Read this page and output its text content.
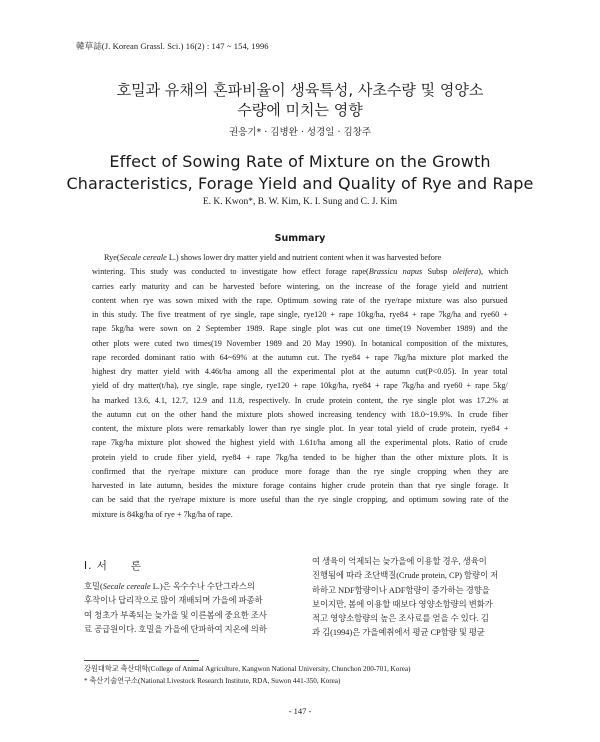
韓草誌(J. Korean Grassl. Sci.) 16(2) : 147 ~ 154, 1996
호밀과 유채의 혼파비율이 생육특성, 사초수량 및 영양소
수량에 미치는 영향
권응기* · 김병완 · 성경일 · 김창주
Effect of Sowing Rate of Mixture on the Growth
Characteristics, Forage Yield and Quality of Rye and Rape
E. K. Kwon*, B. W. Kim, K. I. Sung and C. J. Kim
Summary
Rye(Secale cereale L.) shows lower dry matter yield and nutrient content when it was harvested before
wintering. This study was conducted to investigate how effect forage rape(Brassicu napus Subsp oleifera), which
carries early maturity and can be harvested before wintering, on the increase of the forage yield and nutrient
content when rye was sown mixed with the rape. Optimum sowing rate of the rye/rape mixture was also pursued
in this study. The five treatment of rye single, rape single, rye120 + rape 10kg/ha, rye84 + rape 7kg/ha and rye60 +
rape 5kg/ha were sown on 2 September 1989. Rape single plot was cut one time(19 November 1989) and the
other plots were cuted two times(19 November 1989 and 20 May 1990). In botanical composition of the mixtures,
rape recorded dominant ratio with 64~69% at the autumn cut. The rye84 + rape 7kg/ha mixture plot marked the
highest dry matter yield with 4.46t/ha among all the experimental plot at the autumn cut(P<0.05). In year total
yield of dry matter(t/ha), rye single, rape single, rye120 + rape 10kg/ha, rye84 + rape 7kg/ha and rye60 + rape 5kg/
ha marked 13.6, 4.1, 12.7, 12.9 and 11.8, respectively. In crude protein content, the rye single plot was 17.2% at
the autumn cut on the other hand the mixture plots showed increasing tendency with 18.0~19.9%. In crude fiber
content, the mixture plots were remarkably lower than rye single plot. In year total yield of crude protein, rye84 +
rape 7kg/ha mixture plot showed the highest yield with 1.61t/ha among all the experimental plots. Ratio of crude
protein yield to crude fiber yield, rye84 + rape 7kg/ha tended to be higher than the other mixture plots. It is
confirmed that the rye/rape mixture can produce more forage than the rye single cropping when they are
harvested in late autumn, besides the mixture forage contains higher crude protein than that rye single forage. It
can be said that the rye/rape mixture is more useful than the rye single cropping, and optimum sowing rate of the
mixture is 84kg/ha of rye + 7kg/ha of rape.
I. 서　　론
호밀(Secale cereale L.)은 옥수수나 수단그라스의
후작이나 답리작으로 많이 재배되며 가을에 파종하
여 청초가 부족되는 늦가을 및 이른봄에 중요한 조사
료 공급원이다. 호밀을 가을에 단파하여 지온에 의하
여 생육이 억제되는 늦가을에 이용할 경우, 생육이
진행됨에 따라 조단백질(Crude protein, CP) 함량이 저
하하고 NDF함량이나 ADF함량이 증가하는 경향을
보이지만, 봄에 이용할 때보다 영양소함량의 변화가
적고 영양소함량의 높은 조사료를 얻을 수 있다. 김
과 김(1994)은 가을예취에서 평균 CP함량 및 평균
강원대학교 축산대학(College of Animal Agriculture, Kangwon National University, Chunchon 200-701, Korea)
* 축산기술연구소(National Livestock Research Institute, RDA, Suwon 441-350, Korea)
- 147 -
